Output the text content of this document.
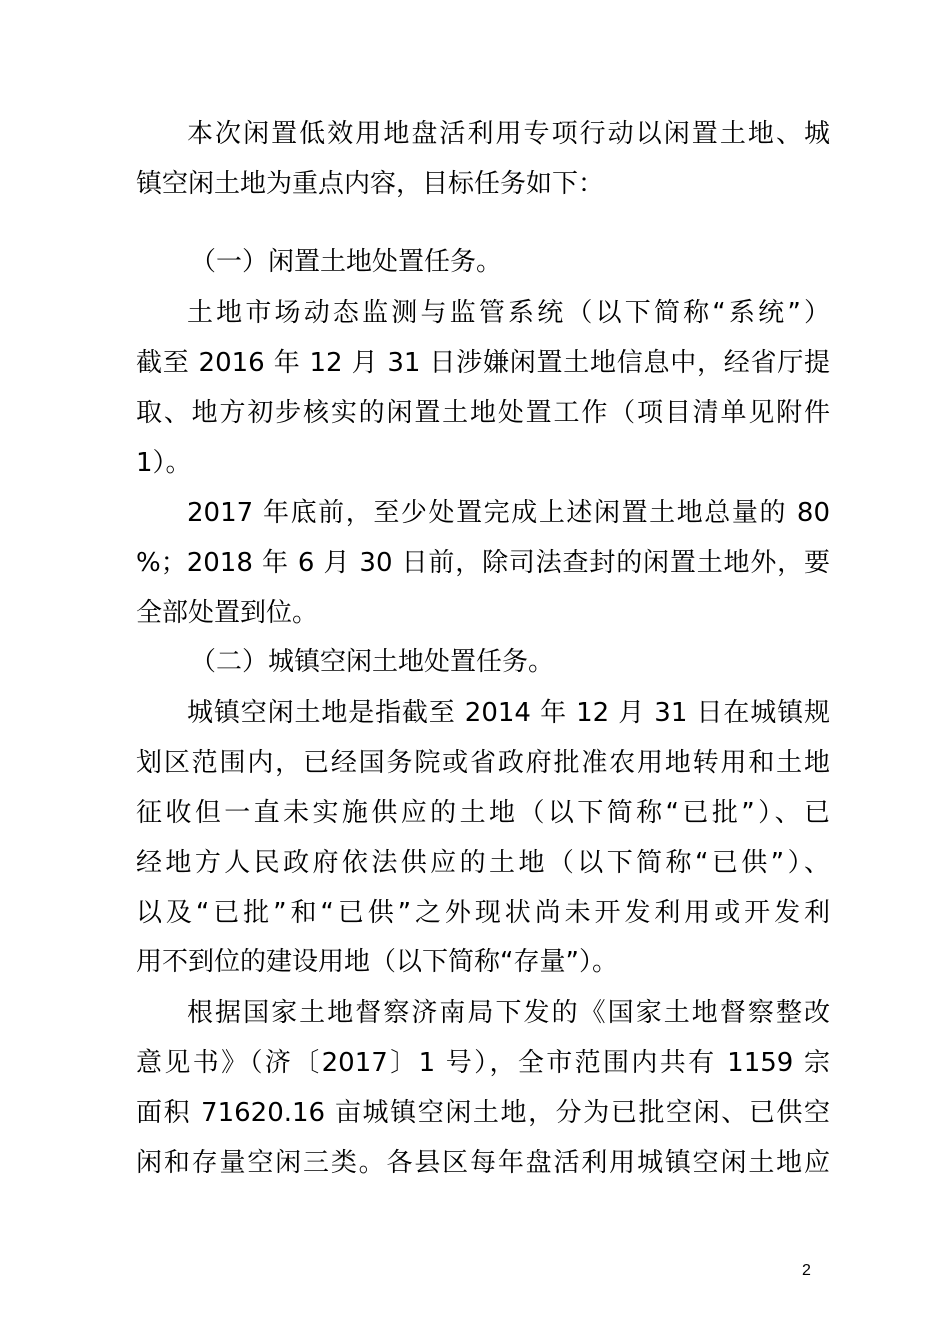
本次闲置低效用地盘活利用专项行动以闲置土地、城
镇空闲土地为重点内容，目标任务如下：
（一）闲置土地处置任务。
土地市场动态监测与监管系统（以下简称“系统”）
截至 2016 年 12 月 31 日涉嫌闲置土地信息中，经省厅提
取、地方初步核实的闲置土地处置工作（项目清单见附件
1）。
2017 年底前，至少处置完成上述闲置土地总量的 80
%；2018 年 6 月 30 日前，除司法查封的闲置土地外，要
全部处置到位。
（二）城镇空闲土地处置任务。
城镇空闲土地是指截至 2014 年 12 月 31 日在城镇规
划区范围内，已经国务院或省政府批准农用地转用和土地
征收但一直未实施供应的土地（以下简称“已批”）、已
经地方人民政府依法供应的土地（以下简称“已供”）、
以及“已批”和“已供”之外现状尚未开发利用或开发利
用不到位的建设用地（以下简称“存量”）。
根据国家土地督察济南局下发的《国家土地督察整改
意见书》（济〔2017〕1 号），全市范围内共有 1159 宗
面积 71620.16 亩城镇空闲土地，分为已批空闲、已供空
闲和存量空闲三类。各县区每年盘活利用城镇空闲土地应
2
